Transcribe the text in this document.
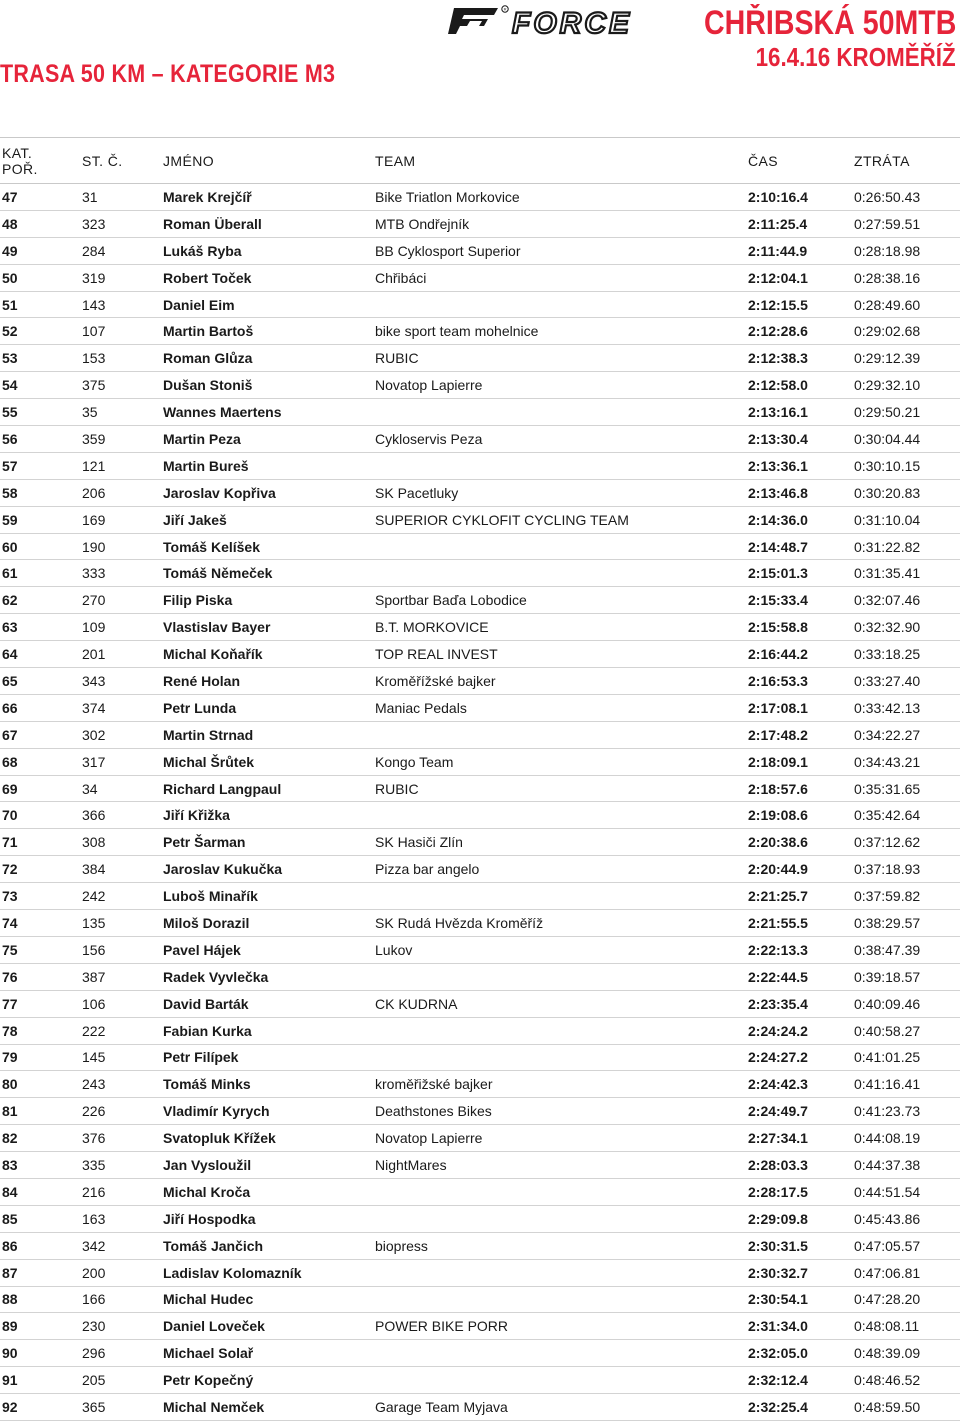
TRASA 50 KM – KATEGORIE M3
R FORCE CHŘIBSKÁ 50MTB
16.4.16 KROMĚŘÍŽ
KAT.
POŘ.	ST. Č.	JMÉNO	TEAM	ČAS	ZTRÁTA
47	31	Marek Krejčíř	Bike Triatlon Morkovice	2:10:16.4	0:26:50.43
48	323	Roman Überall	MTB Ondřejník	2:11:25.4	0:27:59.51
49	284	Lukáš Ryba	BB Cyklosport Superior	2:11:44.9	0:28:18.98
50	319	Robert Toček	Chřibáci	2:12:04.1	0:28:38.16
51	143	Daniel Eim		2:12:15.5	0:28:49.60
52	107	Martin Bartoš	bike sport team mohelnice	2:12:28.6	0:29:02.68
53	153	Roman Glůza	RUBIC	2:12:38.3	0:29:12.39
54	375	Dušan Stoniš	Novatop Lapierre	2:12:58.0	0:29:32.10
55	35	Wannes Maertens		2:13:16.1	0:29:50.21
56	359	Martin Peza	Cykloservis Peza	2:13:30.4	0:30:04.44
57	121	Martin Bureš		2:13:36.1	0:30:10.15
58	206	Jaroslav Kopřiva	SK Pacetluky	2:13:46.8	0:30:20.83
59	169	Jiří Jakeš	SUPERIOR CYKLOFIT CYCLING TEAM	2:14:36.0	0:31:10.04
60	190	Tomáš Kelíšek		2:14:48.7	0:31:22.82
61	333	Tomáš Němeček		2:15:01.3	0:31:35.41
62	270	Filip Piska	Sportbar Baďa Lobodice	2:15:33.4	0:32:07.46
63	109	Vlastislav Bayer	B.T. MORKOVICE	2:15:58.8	0:32:32.90
64	201	Michal Koňařík	TOP REAL INVEST	2:16:44.2	0:33:18.25
65	343	René Holan	Kroměřížské bajker	2:16:53.3	0:33:27.40
66	374	Petr Lunda	Maniac Pedals	2:17:08.1	0:33:42.13
67	302	Martin Strnad		2:17:48.2	0:34:22.27
68	317	Michal Šrůtek	Kongo Team	2:18:09.1	0:34:43.21
69	34	Richard Langpaul	RUBIC	2:18:57.6	0:35:31.65
70	366	Jiří Křižka		2:19:08.6	0:35:42.64
71	308	Petr Šarman	SK Hasiči Zlín	2:20:38.6	0:37:12.62
72	384	Jaroslav Kukučka	Pizza bar angelo	2:20:44.9	0:37:18.93
73	242	Luboš Minařík		2:21:25.7	0:37:59.82
74	135	Miloš Dorazil	SK Rudá Hvězda Kroměříž	2:21:55.5	0:38:29.57
75	156	Pavel Hájek	Lukov	2:22:13.3	0:38:47.39
76	387	Radek Vyvlečka		2:22:44.5	0:39:18.57
77	106	David Barták	CK KUDRNA	2:23:35.4	0:40:09.46
78	222	Fabian Kurka		2:24:24.2	0:40:58.27
79	145	Petr Filípek		2:24:27.2	0:41:01.25
80	243	Tomáš Minks	kroměřižské bajker	2:24:42.3	0:41:16.41
81	226	Vladimír Kyrych	Deathstones Bikes	2:24:49.7	0:41:23.73
82	376	Svatopluk Křížek	Novatop Lapierre	2:27:34.1	0:44:08.19
83	335	Jan Vysloužil	NightMares	2:28:03.3	0:44:37.38
84	216	Michal Kroča		2:28:17.5	0:44:51.54
85	163	Jiří Hospodka		2:29:09.8	0:45:43.86
86	342	Tomáš Jančich	biopress	2:30:31.5	0:47:05.57
87	200	Ladislav Kolomazník		2:30:32.7	0:47:06.81
88	166	Michal Hudec		2:30:54.1	0:47:28.20
89	230	Daniel Loveček	POWER BIKE PORR	2:31:34.0	0:48:08.11
90	296	Michael Solař		2:32:05.0	0:48:39.09
91	205	Petr Kopečný		2:32:12.4	0:48:46.52
92	365	Michal Nemček	Garage Team Myjava	2:32:25.4	0:48:59.50
